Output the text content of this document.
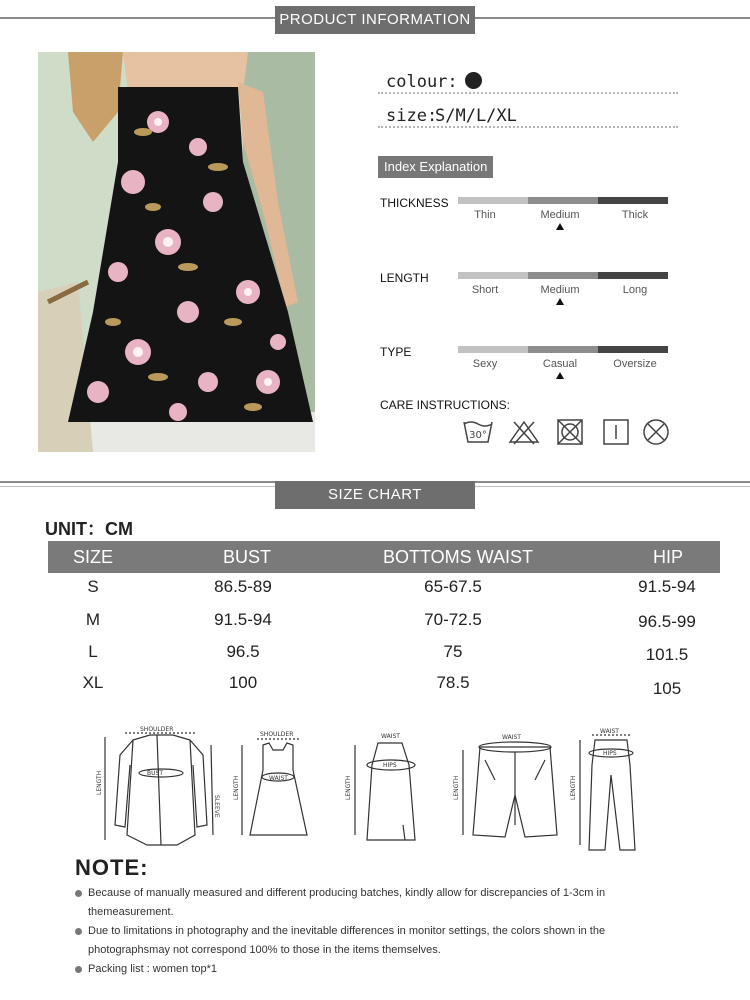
PRODUCT INFORMATION
colour:
size:
S/M/L/XL
Index Explanation
THICKNESS
Thin	Medium	Thick
LENGTH
Short	Medium	Long
TYPE
Sexy	Casual	Oversize
CARE INSTRUCTIONS:
30°
SIZE CHART
UNIT：CM
SIZE	BUST	BOTTOMS WAIST	HIP
S	86.5-89	65-67.5	91.5-94
M	91.5-94	70-72.5	96.5-99
L	96.5	75	101.5
XL	100	78.5	105
SHOULDER
BUST
LENGTH
SLEEVE
SHOULDER
WAIST
LENGTH
WAIST
HIPS
LENGTH
WAIST
LENGTH
WAIST
HIPS
LENGTH
NOTE:
Because of manually measured and different producing batches, kindly allow for discrepancies of 1-3cm in
themeasurement.
Due to limitations in photography and the inevitable differences in monitor settings, the colors shown in the
photographsmay not correspond 100% to those in the items themselves.
Packing list : women top*1
